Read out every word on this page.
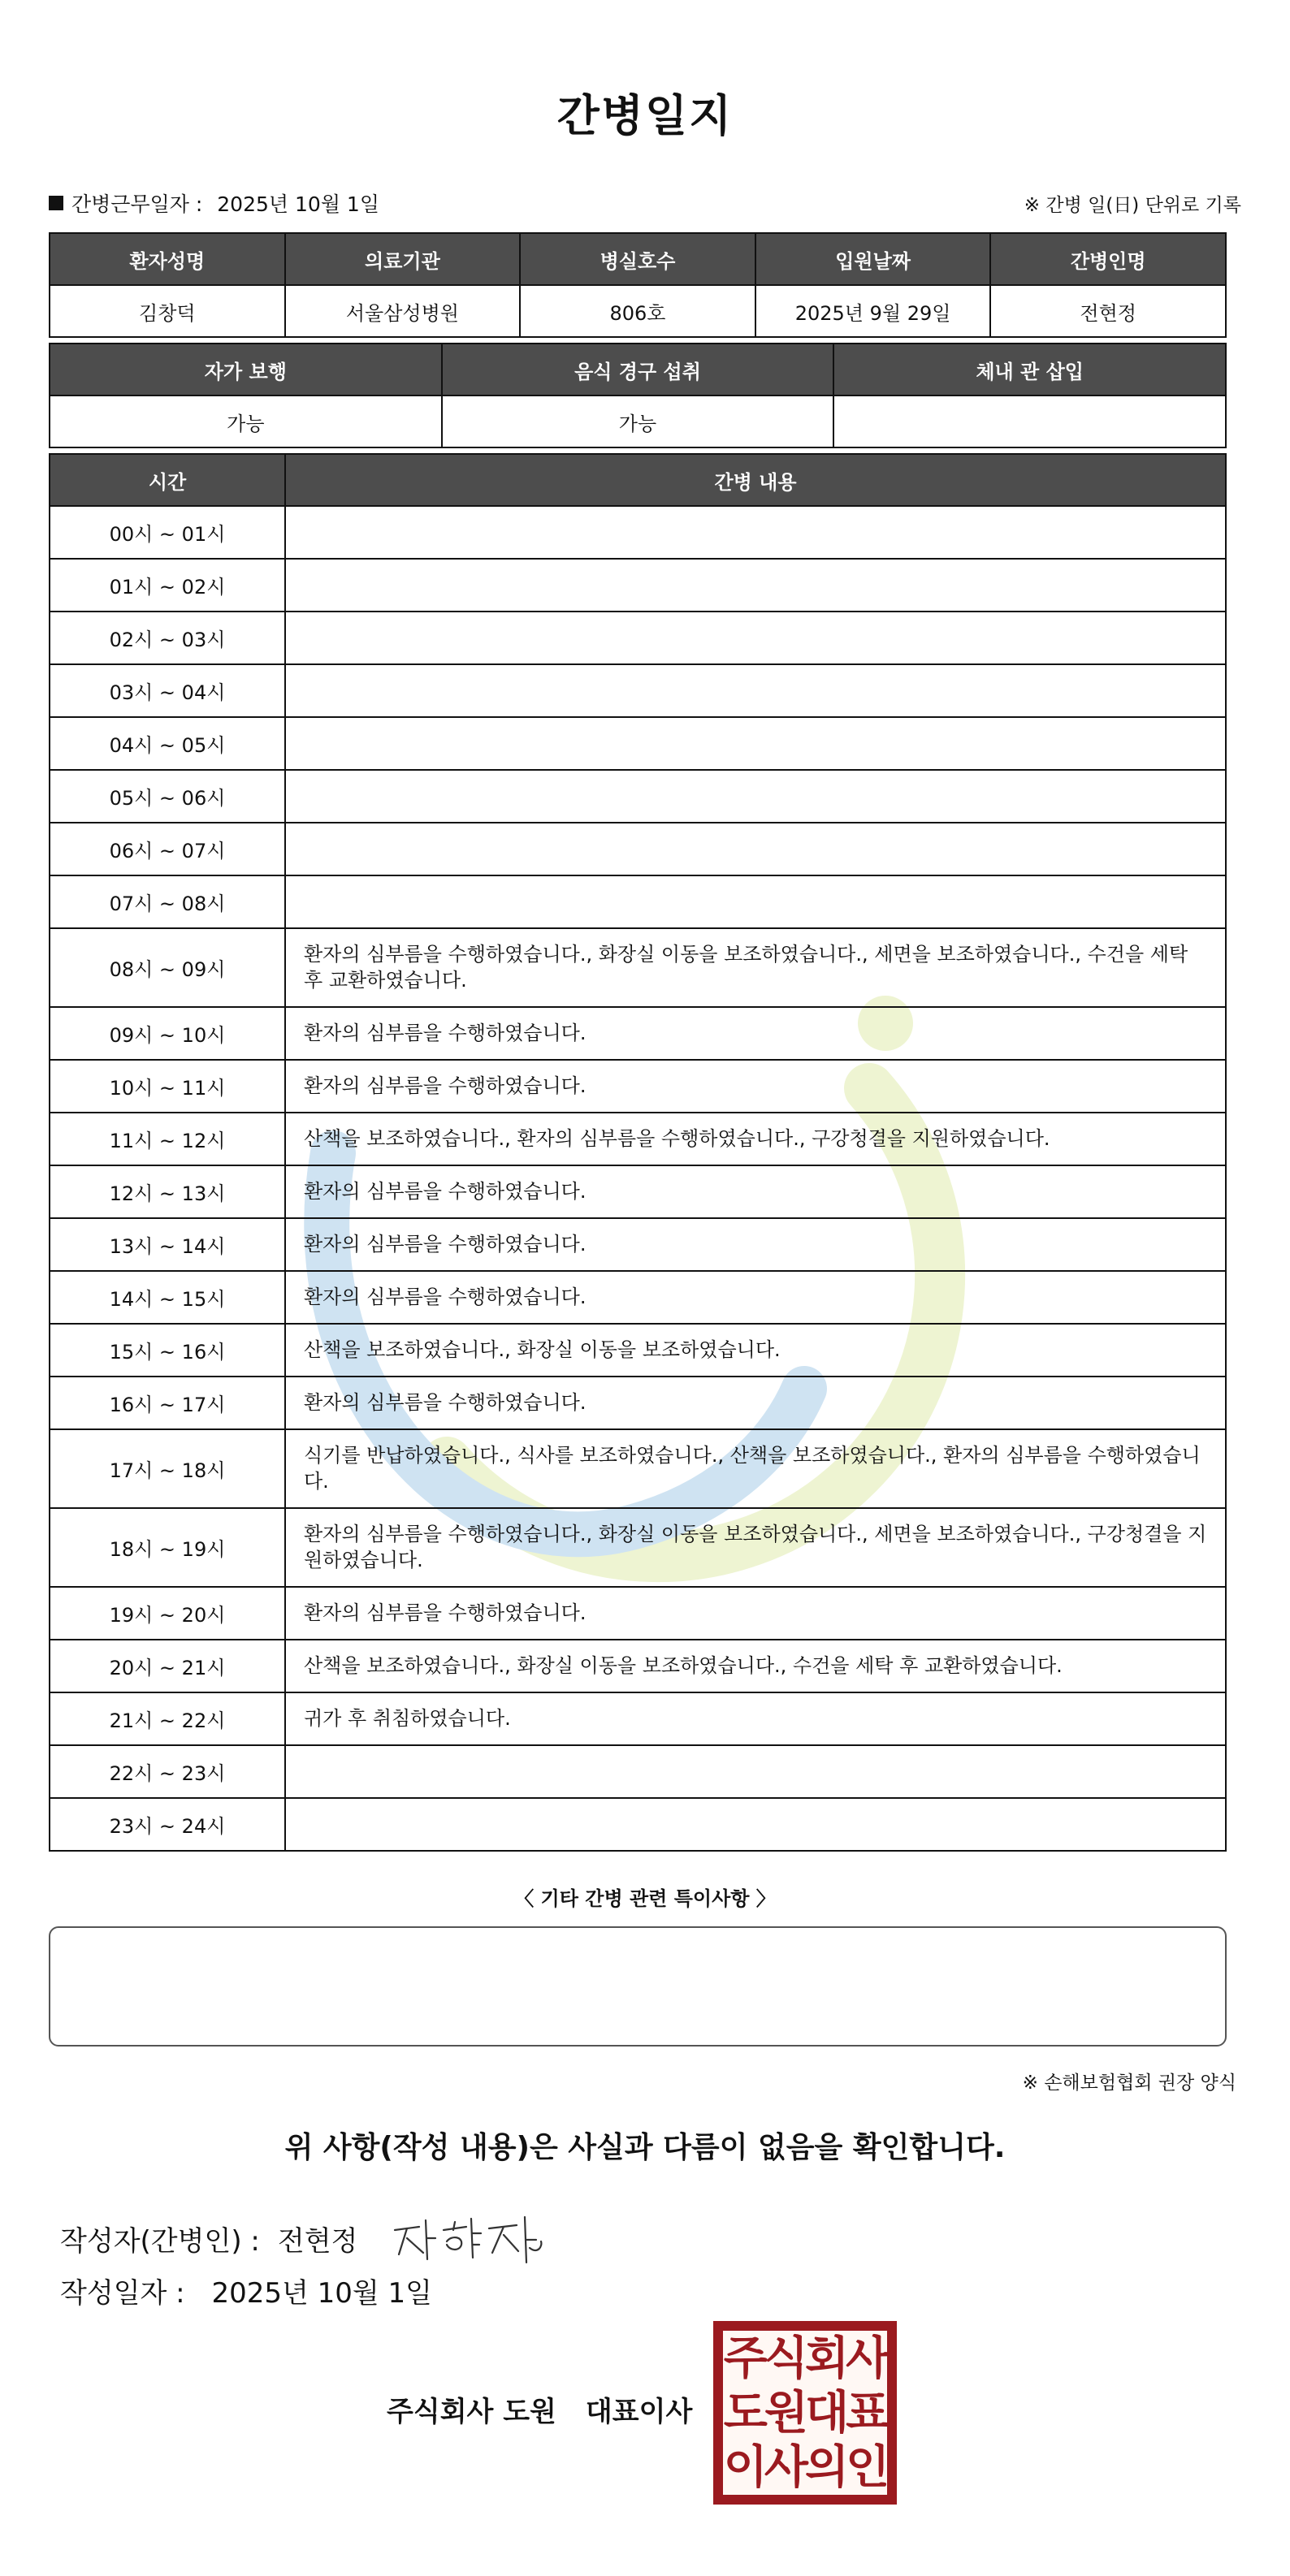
간병일지
간병근무일자 : 2025년 10월 1일	※ 간병 일(日) 단위로 기록
환자성명	의료기관	병실호수	입원날짜	간병인명
김창덕	서울삼성병원	806호	2025년 9월 29일	전현정
자가 보행	음식 경구 섭취	체내 관 삽입
가능	가능	
시간	간병 내용
00시 ~ 01시	
01시 ~ 02시	
02시 ~ 03시	
03시 ~ 04시	
04시 ~ 05시	
05시 ~ 06시	
06시 ~ 07시	
07시 ~ 08시	
08시 ~ 09시	환자의 심부름을 수행하였습니다., 화장실 이동을 보조하였습니다., 세면을 보조하였습니다., 수건을 세탁 후 교환하였습니다.
09시 ~ 10시	환자의 심부름을 수행하였습니다.
10시 ~ 11시	환자의 심부름을 수행하였습니다.
11시 ~ 12시	산책을 보조하였습니다., 환자의 심부름을 수행하였습니다., 구강청결을 지원하였습니다.
12시 ~ 13시	환자의 심부름을 수행하였습니다.
13시 ~ 14시	환자의 심부름을 수행하였습니다.
14시 ~ 15시	환자의 심부름을 수행하였습니다.
15시 ~ 16시	산책을 보조하였습니다., 화장실 이동을 보조하였습니다.
16시 ~ 17시	환자의 심부름을 수행하였습니다.
17시 ~ 18시	식기를 반납하였습니다., 식사를 보조하였습니다., 산책을 보조하였습니다., 환자의 심부름을 수행하였습니다.
18시 ~ 19시	환자의 심부름을 수행하였습니다., 화장실 이동을 보조하였습니다., 세면을 보조하였습니다., 구강청결을 지원하였습니다.
19시 ~ 20시	환자의 심부름을 수행하였습니다.
20시 ~ 21시	산책을 보조하였습니다., 화장실 이동을 보조하였습니다., 수건을 세탁 후 교환하였습니다.
21시 ~ 22시	귀가 후 취침하였습니다.
22시 ~ 23시	
23시 ~ 24시	
〈 기타 간병 관련 특이사항 〉
※ 손해보험협회 권장 양식
위 사항(작성 내용)은 사실과 다름이 없음을 확인합니다.
작성자(간병인) : 전현정
작성일자 : 2025년 10월 1일
주식회사 도원 대표이사
주식회사
도원대표
이사의인
